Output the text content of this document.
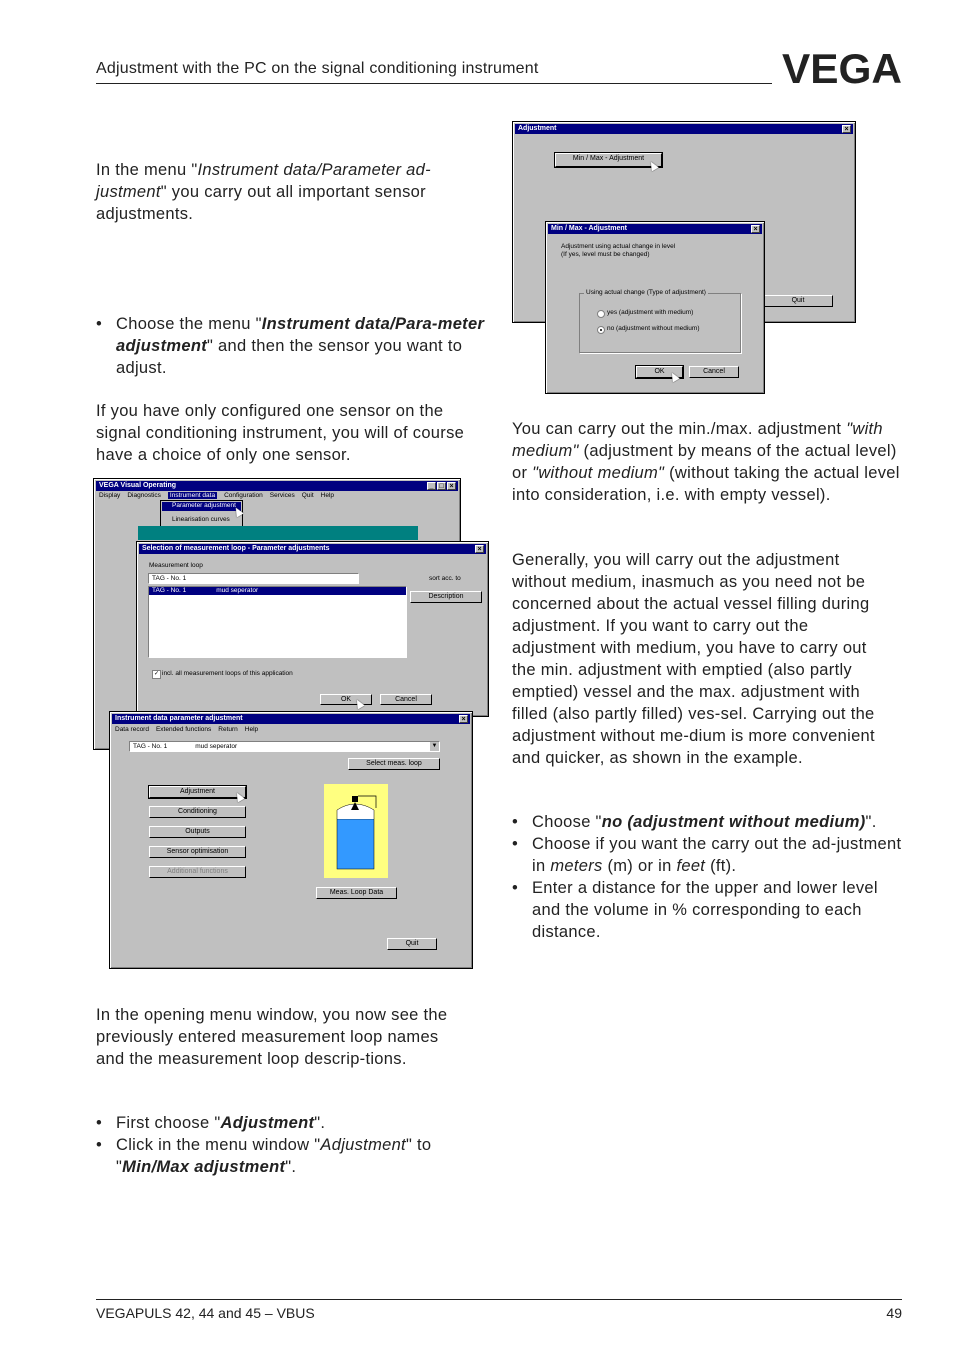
Adjustment with the PC on the signal conditioning instrument	VEGA

In the menu "Instrument data/Parameter ad-justment" you carry out all important sensor adjustments.

• Choose the menu "Instrument data/Para-meter adjustment" and then the sensor you want to adjust.

If you have only configured one sensor on the signal conditioning instrument, you will of course have a choice of only one sensor.

VEGA Visual Operating	_ □ ×
Display Diagnostics Instrument data Configuration Services Quit Help
Parameter adjustment
Linearisation curves
Selection of measurement loop - Parameter adjustments	×
Measurement loop
TAG - No. 1	sort acc. to
Description
TAG - No. 1	mud seperator
✓ incl. all measurement loops of this application
OK	Cancel
Instrument data parameter adjustment	×
Data record Extended functions Return Help
TAG - No. 1	mud seperator	▼
Select meas. loop
Adjustment
Conditioning
Outputs
Sensor optimisation
Additional functions
Meas. Loop Data
Quit

In the opening menu window, you now see the previously entered measurement loop names and the measurement loop descrip-tions.

• First choose "Adjustment".

• Click in the menu window "Adjustment" to "Min/Max adjustment".

Adjustment	×
Min / Max - Adjustment
Quit
Min / Max - Adjustment	×
Adjustment using actual change in level
(If yes, level must be changed)
Using actual change (Type of adjustment)
yes (adjustment with medium)
no (adjustment without medium)
OK	Cancel

You can carry out the min./max. adjustment "with medium" (adjustment by means of the actual level) or "without medium" (without taking the actual level into consideration, i.e. with empty vessel).

Generally, you will carry out the adjustment without medium, inasmuch as you need not be concerned about the actual vessel filling during adjustment. If you want to carry out the adjustment with medium, you have to carry out the min. adjustment with emptied (also partly emptied) vessel and the max. adjustment with filled (also partly filled) ves-sel. Carrying out the adjustment without me-dium is more convenient and quicker, as shown in the example.

• Choose "no (adjustment without medium)".

• Choose if you want the carry out the ad-justment in meters (m) or in feet (ft).

• Enter a distance for the upper and lower level and the volume in % corresponding to each distance.

VEGAPULS 42, 44 and 45 – VBUS	49
